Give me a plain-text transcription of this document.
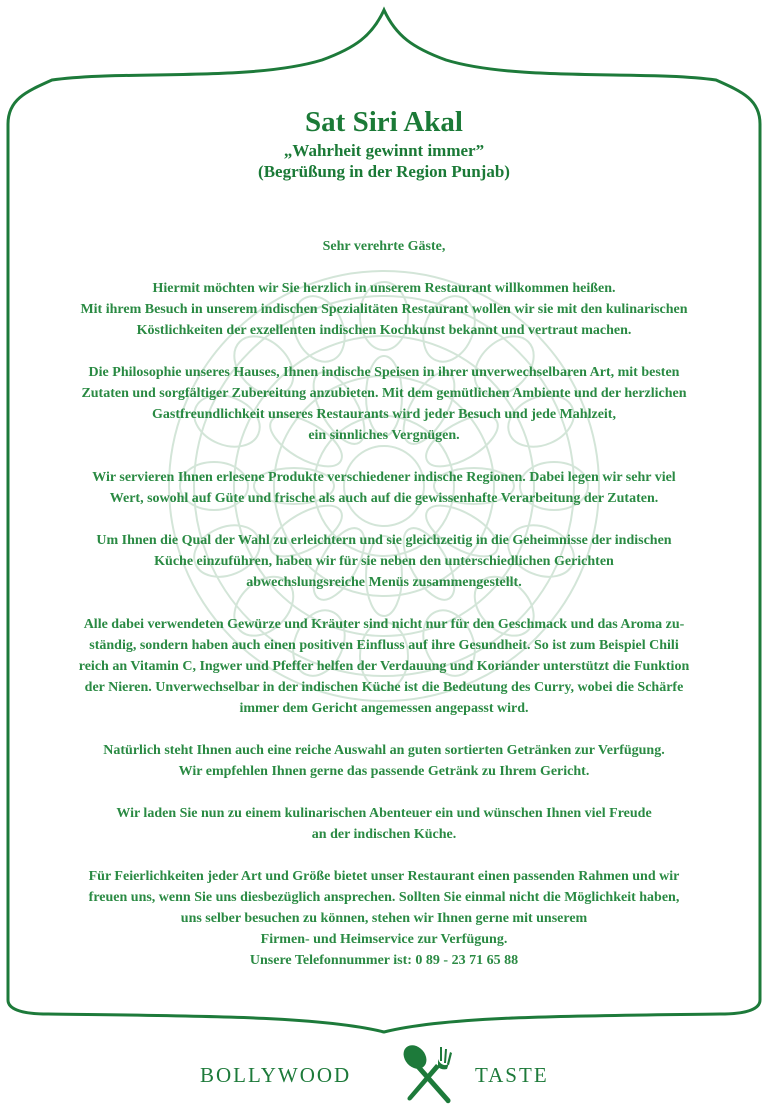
Sat Siri Akal

„Wahrheit gewinnt immer”

(Begrüßung in der Region Punjab)

Sehr verehrte Gäste,

Hiermit möchten wir Sie herzlich in unserem Restaurant willkommen heißen.
Mit ihrem Besuch in unserem indischen Spezialitäten Restaurant wollen wir sie mit den kulinarischen
Köstlichkeiten der exzellenten indischen Kochkunst bekannt und vertraut machen.

Die Philosophie unseres Hauses, Ihnen indische Speisen in ihrer unverwechselbaren Art, mit besten
Zutaten und sorgfältiger Zubereitung anzubieten. Mit dem gemütlichen Ambiente und der herzlichen
Gastfreundlichkeit unseres Restaurants wird jeder Besuch und jede Mahlzeit,
ein sinnliches Vergnügen.

Wir servieren Ihnen erlesene Produkte verschiedener indische Regionen. Dabei legen wir sehr viel
Wert, sowohl auf Güte und frische als auch auf die gewissenhafte Verarbeitung der Zutaten.

Um Ihnen die Qual der Wahl zu erleichtern und sie gleichzeitig in die Geheimnisse der indischen
Küche einzuführen, haben wir für sie neben den unterschiedlichen Gerichten
abwechslungsreiche Menüs zusammengestellt.

Alle dabei verwendeten Gewürze und Kräuter sind nicht nur für den Geschmack und das Aroma zu-
ständig, sondern haben auch einen positiven Einfluss auf ihre Gesundheit. So ist zum Beispiel Chili
reich an Vitamin C, Ingwer und Pfeffer helfen der Verdauung und Koriander unterstützt die Funktion
der Nieren. Unverwechselbar in der indischen Küche ist die Bedeutung des Curry, wobei die Schärfe
immer dem Gericht angemessen angepasst wird.

Natürlich steht Ihnen auch eine reiche Auswahl an guten sortierten Getränken zur Verfügung.
Wir empfehlen Ihnen gerne das passende Getränk zu Ihrem Gericht.

Wir laden Sie nun zu einem kulinarischen Abenteuer ein und wünschen Ihnen viel Freude
an der indischen Küche.

Für Feierlichkeiten jeder Art und Größe bietet unser Restaurant einen passenden Rahmen und wir
freuen uns, wenn Sie uns diesbezüglich ansprechen. Sollten Sie einmal nicht die Möglichkeit haben,
uns selber besuchen zu können, stehen wir Ihnen gerne mit unserem
Firmen- und Heimservice zur Verfügung.
Unsere Telefonnummer ist: 0 89 - 23 71 65 88

BOLLYWOOD	TASTE
